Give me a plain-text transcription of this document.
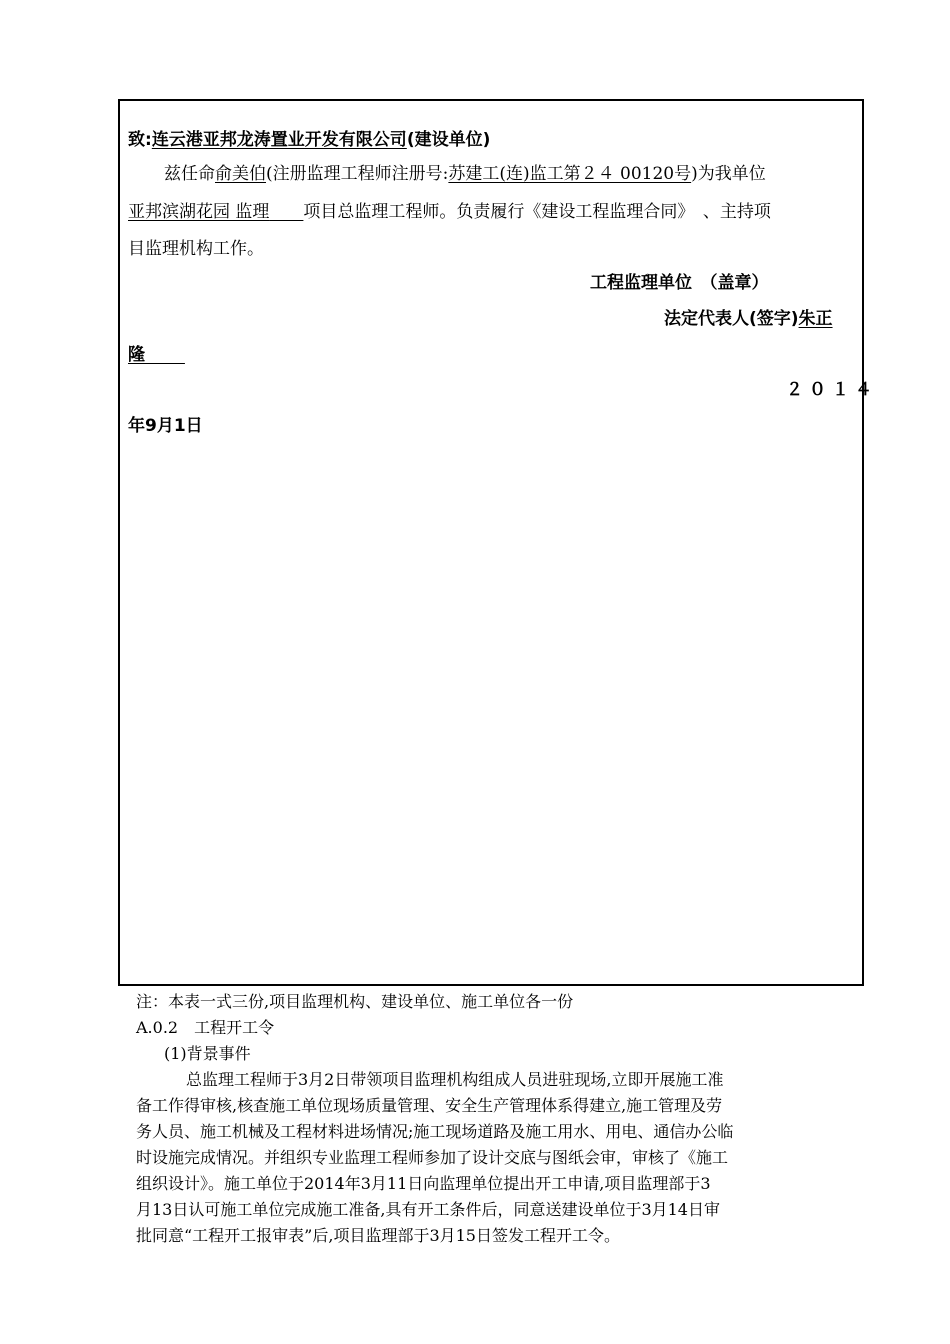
致:连云港亚邦龙涛置业开发有限公司(建设单位)
兹任命俞美伯(注册监理工程师注册号:苏建工(连)监工第２４ 00120号)为我单位
亚邦滨湖花园 监理　　 项目总监理工程师。负责履行《建设工程监理合同》　、主持项
目监理机构工作。
工程监理单位　（盖章）
法定代表人(签字)朱正
隆　　
２０１４
年9月1日
注：本表一式三份,项目监理机构、建设单位、施工单位各一份
A.0.2　工程开工令
(1)背景事件
总监理工程师于3月2日带领项目监理机构组成人员进驻现场,立即开展施工准
备工作得审核,核查施工单位现场质量管理、安全生产管理体系得建立,施工管理及劳
务人员、施工机械及工程材料进场情况;施工现场道路及施工用水、用电、通信办公临
时设施完成情况。并组织专业监理工程师参加了设计交底与图纸会审，审核了《施工
组织设计》。施工单位于2014年3月11日向监理单位提出开工申请,项目监理部于3
月13日认可施工单位完成施工准备,具有开工条件后，同意送建设单位于3月14日审
批同意“工程开工报审表”后,项目监理部于3月15日签发工程开工令。
